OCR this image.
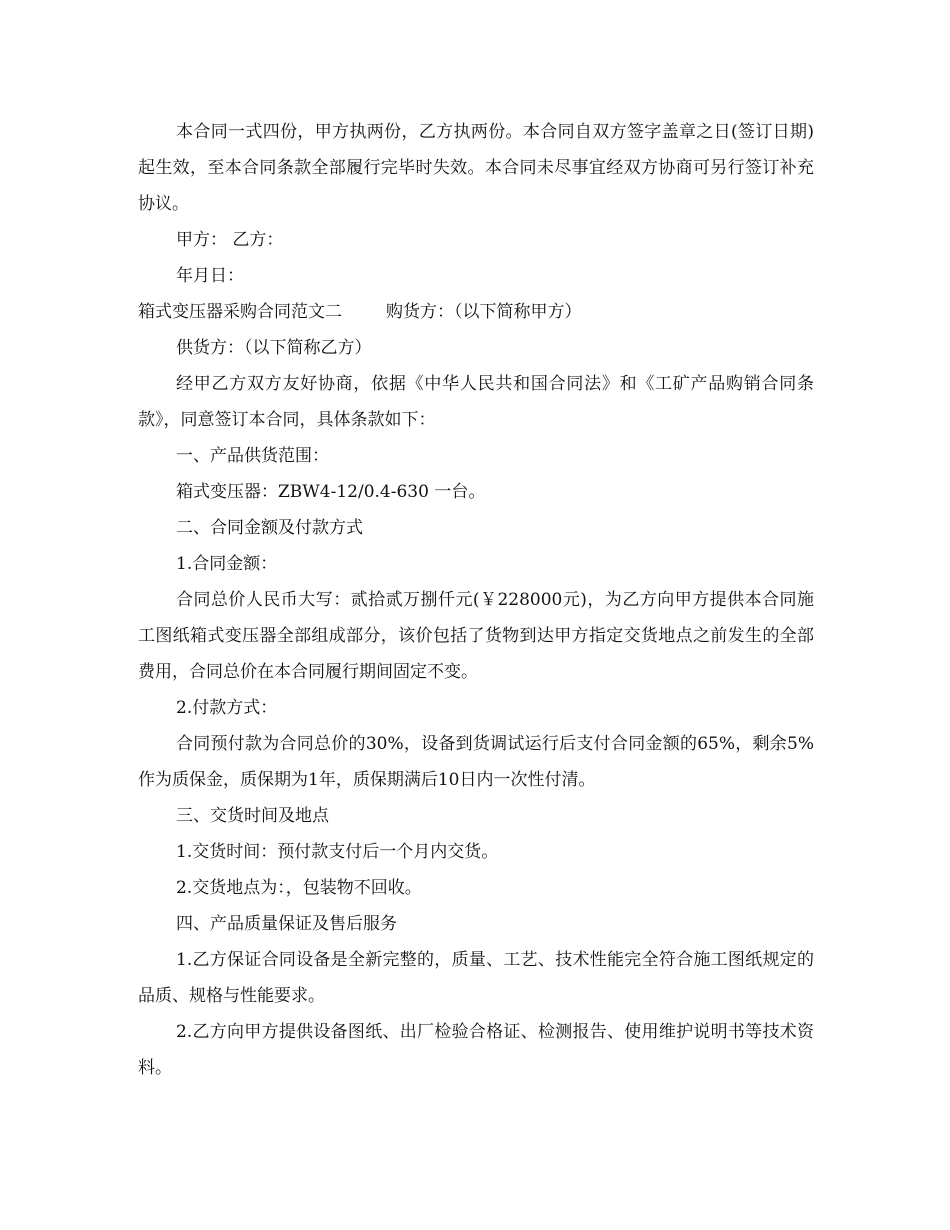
本合同一式四份，甲方执两份，乙方执两份。本合同自双方签字盖章之日(签订日期)起生效，至本合同条款全部履行完毕时失效。本合同未尽事宜经双方协商可另行签订补充协议。

甲方： 乙方：

年月日：

箱式变压器采购合同范文二	购货方：（以下简称甲方）

供货方：（以下简称乙方）

经甲乙方双方友好协商，依据《中华人民共和国合同法》和《工矿产品购销合同条款》，同意签订本合同，具体条款如下：

一、产品供货范围：

箱式变压器：ZBW4-12/0.4-630 一台。

二、合同金额及付款方式

1.合同金额：

合同总价人民币大写：贰拾贰万捌仟元(￥228000元)，为乙方向甲方提供本合同施工图纸箱式变压器全部组成部分，该价包括了货物到达甲方指定交货地点之前发生的全部费用，合同总价在本合同履行期间固定不变。

2.付款方式：

合同预付款为合同总价的30%，设备到货调试运行后支付合同金额的65%，剩余5%作为质保金，质保期为1年，质保期满后10日内一次性付清。

三、交货时间及地点

1.交货时间：预付款支付后一个月内交货。

2.交货地点为：，包装物不回收。

四、产品质量保证及售后服务

1.乙方保证合同设备是全新完整的，质量、工艺、技术性能完全符合施工图纸规定的品质、规格与性能要求。

2.乙方向甲方提供设备图纸、出厂检验合格证、检测报告、使用维护说明书等技术资料。
